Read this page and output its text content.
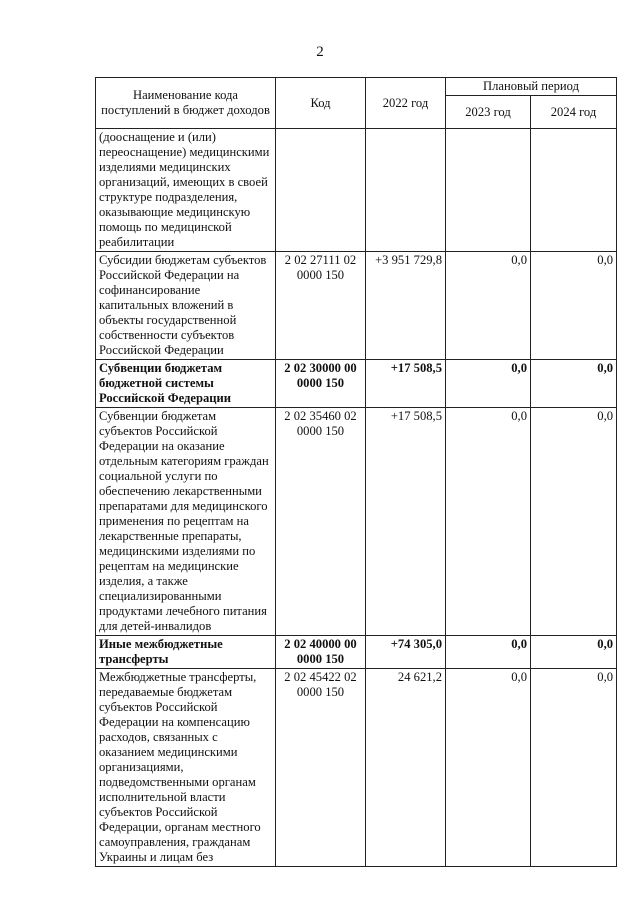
2
Наименование кода поступлений в бюджет доходов	Код	2022 год	Плановый период	
			2023 год	2024 год
(дооснащение и (или) переоснащение) медицинскими изделиями медицинских организаций, имеющих в своей структуре подразделения, оказывающие медицинскую помощь по медицинской реабилитации				
Субсидии бюджетам субъектов Российской Федерации на софинансирование капитальных вложений в объекты государственной собственности субъектов Российской Федерации	2 02 27111 02 0000 150	+3 951 729,8	0,0	0,0
Субвенции бюджетам бюджетной системы Российской Федерации	2 02 30000 00 0000 150	+17 508,5	0,0	0,0
Субвенции бюджетам субъектов Российской Федерации на оказание отдельным категориям граждан социальной услуги по обеспечению лекарственными препаратами для медицинского применения по рецептам на лекарственные препараты, медицинскими изделиями по рецептам на медицинские изделия, а также специализированными продуктами лечебного питания для детей-инвалидов	2 02 35460 02 0000 150	+17 508,5	0,0	0,0
Иные межбюджетные трансферты	2 02 40000 00 0000 150	+74 305,0	0,0	0,0
Межбюджетные трансферты, передаваемые бюджетам субъектов Российской Федерации на компенсацию расходов, связанных с оказанием медицинскими организациями, подведомственными органам исполнительной власти субъектов Российской Федерации, органам местного самоуправления, гражданам Украины и лицам без	2 02 45422 02 0000 150	24 621,2	0,0	0,0
